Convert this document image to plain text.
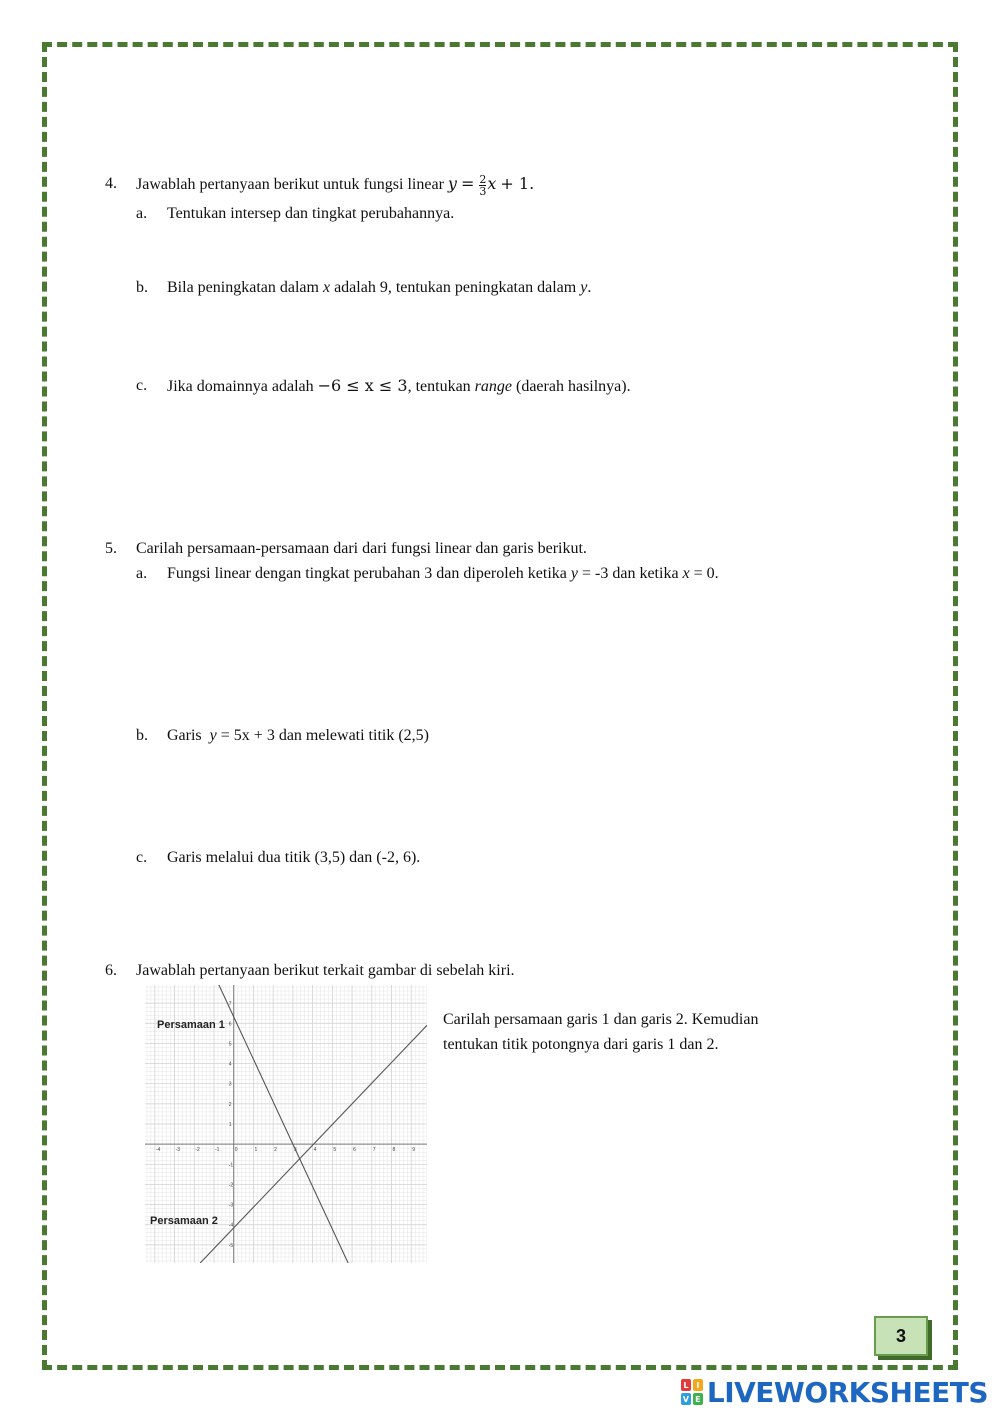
4. Jawablah pertanyaan berikut untuk fungsi linear $y = \frac{2}{3}$ x + 1.
a. Tentukan intersep dan tingkat perubahannya.
b. Bila peningkatan dalam x adalah 9, tentukan peningkatan dalam y.
c. Jika domainnya adalah −6 ≤ x ≤ 3, tentukan range (daerah hasilnya).
5. Carilah persamaan-persamaan dari dari fungsi linear dan garis berikut.
a. Fungsi linear dengan tingkat perubahan 3 dan diperoleh ketika y = -3 dan ketika x = 0.
b. Garis y = 5x + 3 dan melewati titik (2,5)
c. Garis melalui dua titik (3,5) dan (-2, 6).
6. Jawablah pertanyaan berikut terkait gambar di sebelah kiri.
Carilah persamaan garis 1 dan garis 2. Kemudian
tentukan titik potongnya dari garis 1 dan 2.
-4	-3	-2	-1	0	1	2	3	4	5	6	7	8	9
-5
-4
-3
-2
-1
1
2
3
4
5
6
7
Persamaan 1
Persamaan 2
3
L I
V E LIVEWORKSHEETS
